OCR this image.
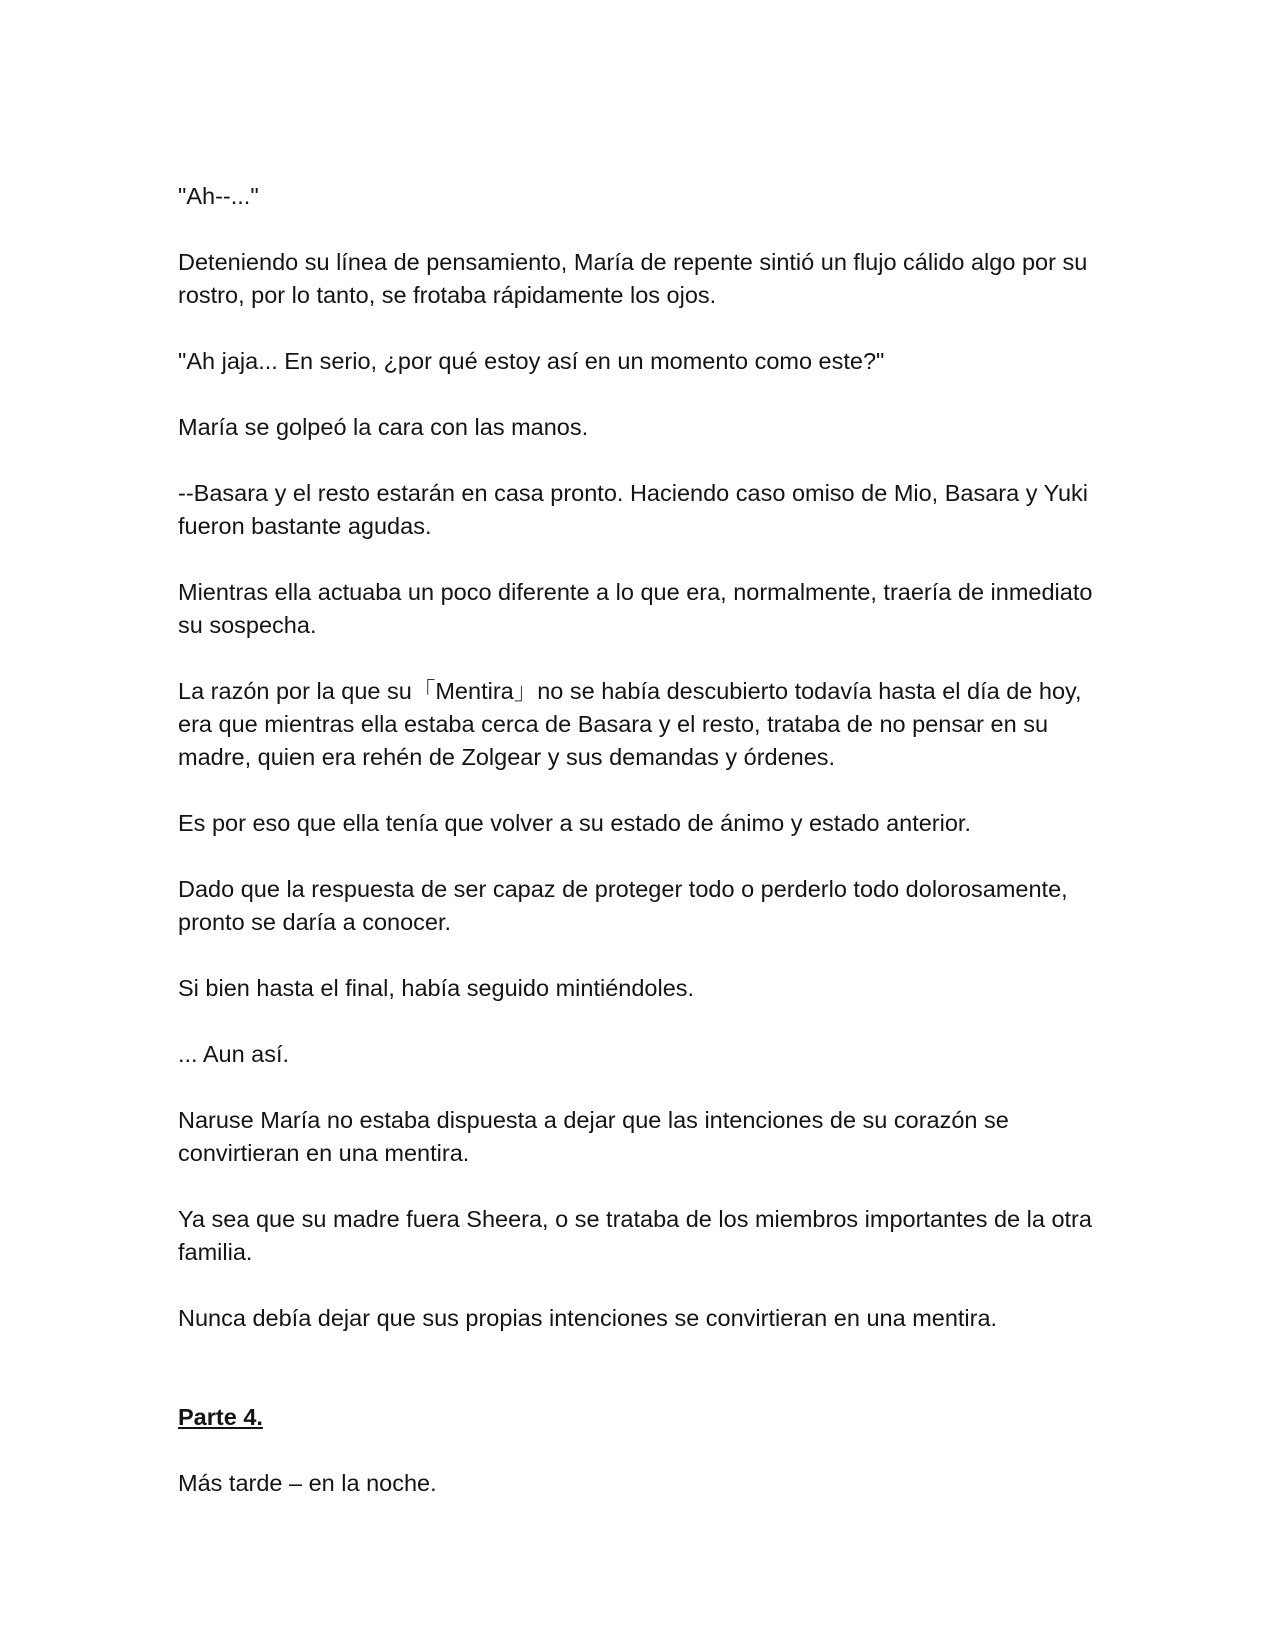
"Ah--..."

Deteniendo su línea de pensamiento, María de repente sintió un flujo cálido algo por su rostro, por lo tanto, se frotaba rápidamente los ojos.

"Ah jaja... En serio, ¿por qué estoy así en un momento como este?"

María se golpeó la cara con las manos.

--Basara y el resto estarán en casa pronto. Haciendo caso omiso de Mio, Basara y Yuki fueron bastante agudas.

Mientras ella actuaba un poco diferente a lo que era, normalmente, traería de inmediato su sospecha.

La razón por la que su「Mentira」no se había descubierto todavía hasta el día de hoy, era que mientras ella estaba cerca de Basara y el resto, trataba de no pensar en su madre, quien era rehén de Zolgear y sus demandas y órdenes.

Es por eso que ella tenía que volver a su estado de ánimo y estado anterior.

Dado que la respuesta de ser capaz de proteger todo o perderlo todo dolorosamente, pronto se daría a conocer.

Si bien hasta el final, había seguido mintiéndoles.

... Aun así.

Naruse María no estaba dispuesta a dejar que las intenciones de su corazón se convirtieran en una mentira.

Ya sea que su madre fuera Sheera, o se trataba de los miembros importantes de la otra familia.

Nunca debía dejar que sus propias intenciones se convirtieran en una mentira.

Parte 4.

Más tarde – en la noche.
